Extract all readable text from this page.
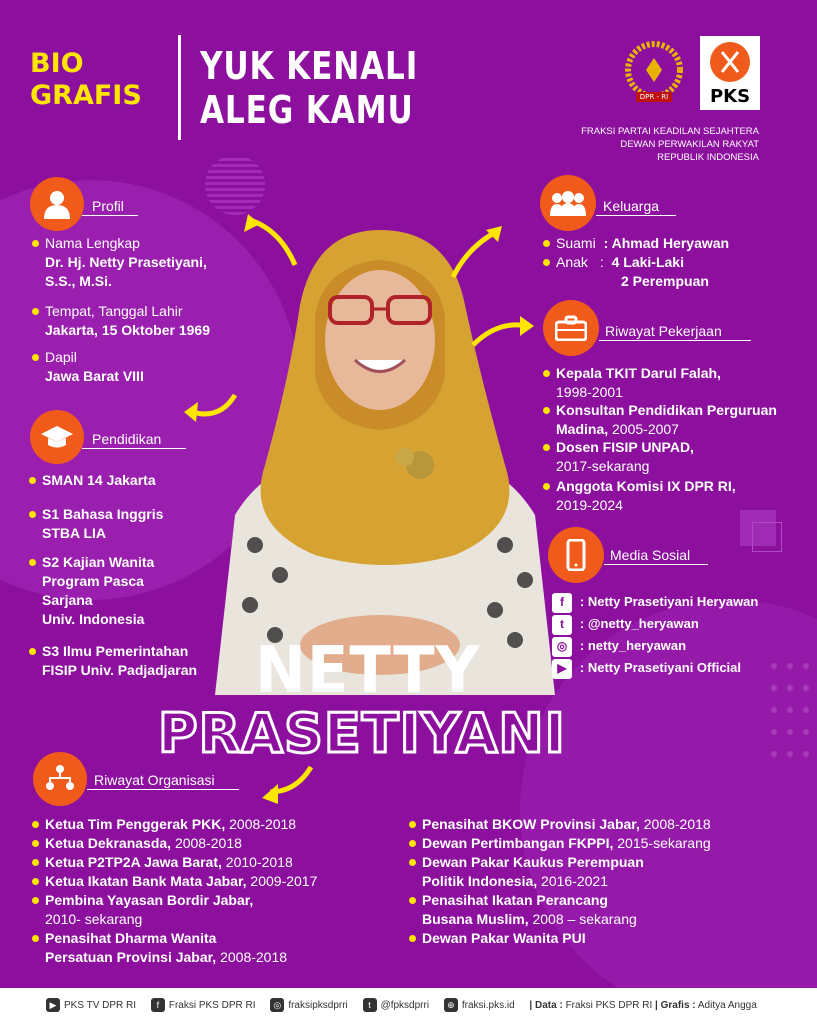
BIO
GRAFIS
YUK KENALI
ALEG KAMU	DPR - RI	PKS
FRAKSI PARTAI KEADILAN SEJAHTERA
DEWAN PERWAKILAN RAKYAT
REPUBLIK INDONESIA
Profil
Nama Lengkap
Dr. Hj. Netty Prasetiyani,
S.S., M.Si.
Tempat, Tanggal Lahir
Jakarta, 15 Oktober 1969
Dapil
Jawa Barat VIII
Pendidikan
SMAN 14 Jakarta
S1 Bahasa Inggris
STBA LIA
S2 Kajian Wanita
Program Pasca
Sarjana
Univ. Indonesia
S3 Ilmu Pemerintahan
FISIP Univ. Padjadjaran
Keluarga
Suami : Ahmad Heryawan
Anak : 4 Laki-Laki
2 Perempuan
Riwayat Pekerjaan
Kepala TKIT Darul Falah,
1998-2001
Konsultan Pendidikan Perguruan
Madina, 2005-2007
Dosen FISIP UNPAD,
2017-sekarang
Anggota Komisi IX DPR RI,
2019-2024
Media Sosial
f : Netty Prasetiyani Heryawan
t : @netty_heryawan
◎ : netty_heryawan
▶ : Netty Prasetiyani Official
NETTY
PRASETIYANI
Riwayat Organisasi
Ketua Tim Penggerak PKK, 2008-2018
Ketua Dekranasda, 2008-2018
Ketua P2TP2A Jawa Barat, 2010-2018
Ketua Ikatan Bank Mata Jabar, 2009-2017
Pembina Yayasan Bordir Jabar,
2010- sekarang
Penasihat Dharma Wanita
Persatuan Provinsi Jabar, 2008-2018
Penasihat BKOW Provinsi Jabar, 2008-2018
Dewan Pertimbangan FKPPI, 2015-sekarang
Dewan Pakar Kaukus Perempuan
Politik Indonesia, 2016-2021
Penasihat Ikatan Perancang
Busana Muslim, 2008 – sekarang
Dewan Pakar Wanita PUI
▶ PKS TV DPR RI f Fraksi PKS DPR RI ◎ fraksipksdprri t @fpksdprri ⊕ fraksi.pks.id | Data : Fraksi PKS DPR RI | Grafis : Aditya Angga
